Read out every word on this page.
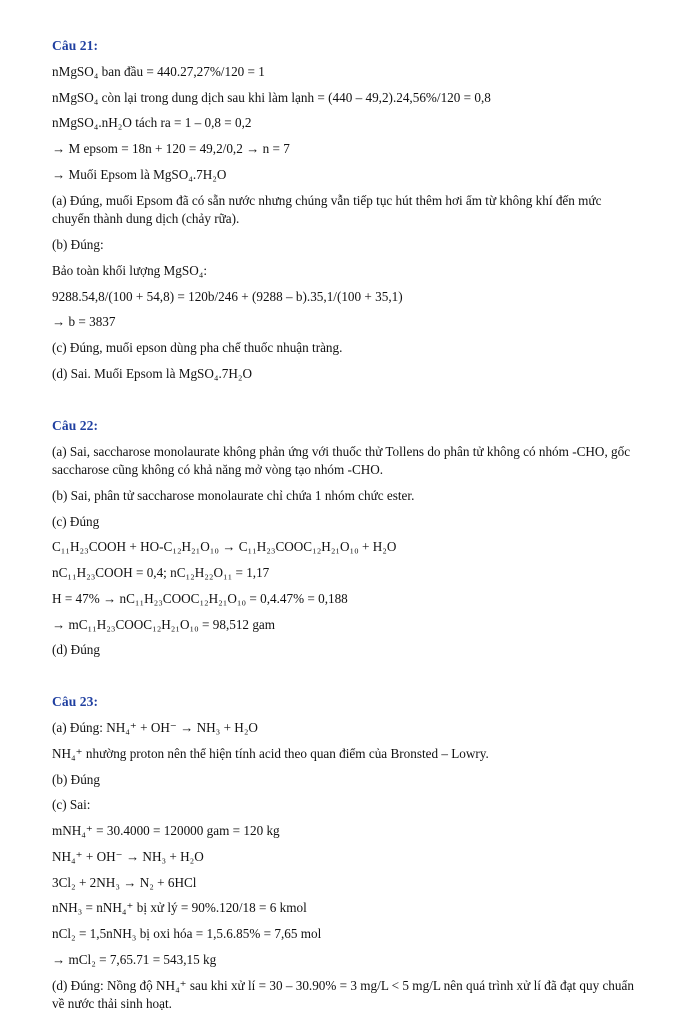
Câu 21:

nMgSO₄ ban đầu = 440.27,27%/120 = 1

nMgSO₄ còn lại trong dung dịch sau khi làm lạnh = (440 – 49,2).24,56%/120 = 0,8

nMgSO₄.nH₂O tách ra = 1 – 0,8 = 0,2

→ M epsom = 18n + 120 = 49,2/0,2 → n = 7

→ Muối Epsom là MgSO₄.7H₂O

(a) Đúng, muối Epsom đã có sẵn nước nhưng chúng vẫn tiếp tục hút thêm hơi ẩm từ không khí đến mức chuyển thành dung dịch (chảy rữa).

(b) Đúng:

Bảo toàn khối lượng MgSO₄:

9288.54,8/(100 + 54,8) = 120b/246 + (9288 – b).35,1/(100 + 35,1)

→ b = 3837

(c) Đúng, muối epson dùng pha chế thuốc nhuận tràng.

(d) Sai. Muối Epsom là MgSO₄.7H₂O

Câu 22:

(a) Sai, saccharose monolaurate không phản ứng với thuốc thử Tollens do phân tử không có nhóm -CHO, gốc saccharose cũng không có khả năng mở vòng tạo nhóm -CHO.

(b) Sai, phân tử saccharose monolaurate chỉ chứa 1 nhóm chức ester.

(c) Đúng

C₁₁H₂₃COOH + HO-C₁₂H₂₁O₁₀ → C₁₁H₂₃COOC₁₂H₂₁O₁₀ + H₂O

nC₁₁H₂₃COOH = 0,4; nC₁₂H₂₂O₁₁ = 1,17

H = 47% → nC₁₁H₂₃COOC₁₂H₂₁O₁₀ = 0,4.47% = 0,188

→ mC₁₁H₂₃COOC₁₂H₂₁O₁₀ = 98,512 gam

(d) Đúng

Câu 23:

(a) Đúng: NH₄⁺ + OH⁻ → NH₃ + H₂O

NH₄⁺ nhường proton nên thể hiện tính acid theo quan điểm của Bronsted – Lowry.

(b) Đúng

(c) Sai:

mNH₄⁺ = 30.4000 = 120000 gam = 120 kg

NH₄⁺ + OH⁻ → NH₃ + H₂O

3Cl₂ + 2NH₃ → N₂ + 6HCl

nNH₃ = nNH₄⁺ bị xử lý = 90%.120/18 = 6 kmol

nCl₂ = 1,5nNH₃ bị oxi hóa = 1,5.6.85% = 7,65 mol

→ mCl₂ = 7,65.71 = 543,15 kg

(d) Đúng: Nồng độ NH₄⁺ sau khi xử lí = 30 – 30.90% = 3 mg/L < 5 mg/L nên quá trình xử lí đã đạt quy chuẩn về nước thải sinh hoạt.
